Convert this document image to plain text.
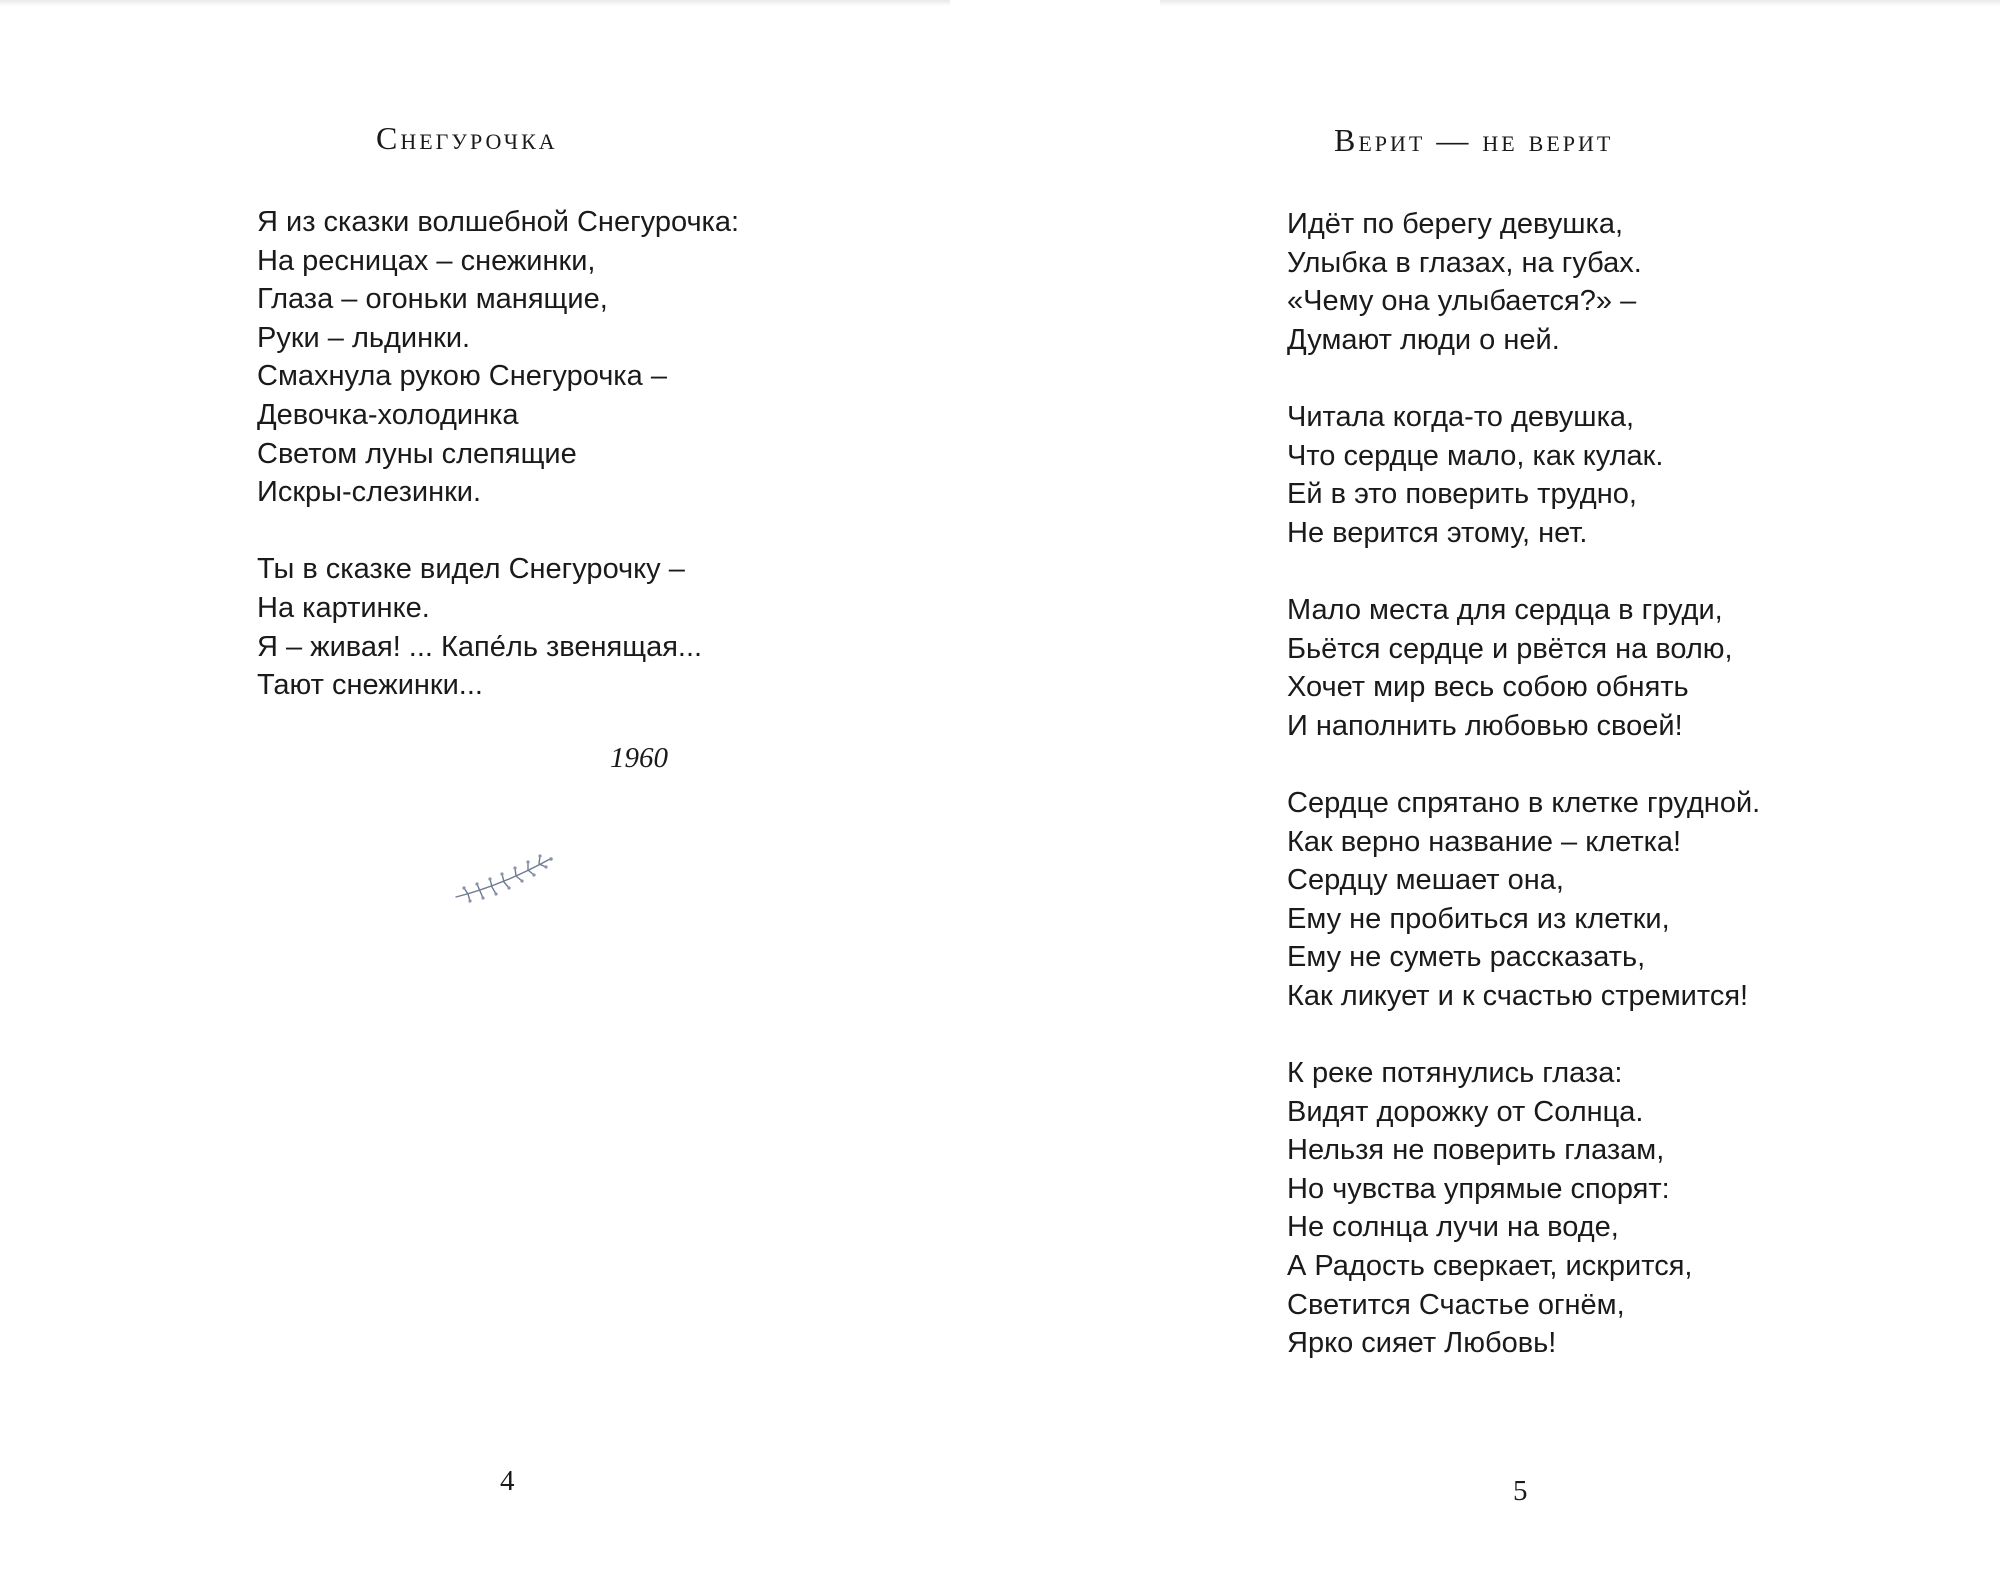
Снегурочка
Я из сказки волшебной Снегурочка:
На ресницах – снежинки,
Глаза – огоньки манящие,
Руки – льдинки.
Смахнула рукою Снегурочка –
Девочка-холодинка
Светом луны слепящие
Искры-слезинки.
Ты в сказке видел Снегурочку –
На картинке.
Я – живая! ... Капе́ль звенящая...
Тают снежинки...
1960
4
Верит — не верит
Идёт по берегу девушка,
Улыбка в глазах, на губах.
«Чему она улыбается?» –
Думают люди о ней.
Читала когда-то девушка,
Что сердце мало, как кулак.
Ей в это поверить трудно,
Не верится этому, нет.
Мало места для сердца в груди,
Бьётся сердце и рвётся на волю,
Хочет мир весь собою обнять
И наполнить любовью своей!
Сердце спрятано в клетке грудной.
Как верно название – клетка!
Сердцу мешает она,
Ему не пробиться из клетки,
Ему не суметь рассказать,
Как ликует и к счастью стремится!
К реке потянулись глаза:
Видят дорожку от Солнца.
Нельзя не поверить глазам,
Но чувства упрямые спорят:
Не солнца лучи на воде,
А Радость сверкает, искрится,
Светится Счастье огнём,
Ярко сияет Любовь!
5
